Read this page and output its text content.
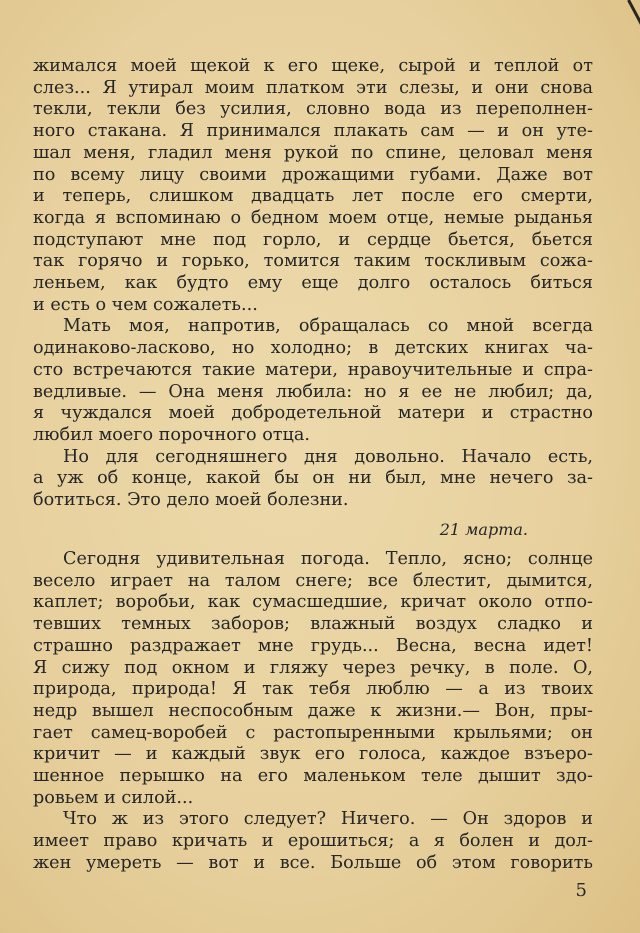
жимался моей щекой к его щеке, сырой и теплой от
слез... Я утирал моим платком эти слезы, и они снова
текли, текли без усилия, словно вода из переполнен-
ного стакана. Я принимался плакать сам — и он уте-
шал меня, гладил меня рукой по спине, целовал меня
по всему лицу своими дрожащими губами. Даже вот
и теперь, слишком двадцать лет после его смерти,
когда я вспоминаю о бедном моем отце, немые рыданья
подступают мне под горло, и сердце бьется, бьется
так горячо и горько, томится таким тоскливым сожа-
леньем, как будто ему еще долго осталось биться
и есть о чем сожалеть...
Мать моя, напротив, обращалась со мной всегда
одинаково-ласково, но холодно; в детских книгах ча-
сто встречаются такие матери, нравоучительные и спра-
ведливые. — Она меня любила: но я ее не любил; да,
я чуждался моей добродетельной матери и страстно
любил моего порочного отца.
Но для сегодняшнего дня довольно. Начало есть,
а уж об конце, какой бы он ни был, мне нечего за-
ботиться. Это дело моей болезни.
21 марта.
Сегодня удивительная погода. Тепло, ясно; солнце
весело играет на талом снеге; все блестит, дымится,
каплет; воробьи, как сумасшедшие, кричат около отпо-
тевших темных заборов; влажный воздух сладко и
страшно раздражает мне грудь... Весна, весна идет!
Я сижу под окном и гляжу через речку, в поле. О,
природа, природа! Я так тебя люблю — а из твоих
недр вышел неспособным даже к жизни.— Вон, пры-
гает самец-воробей с растопыренными крыльями; он
кричит — и каждый звук его голоса, каждое взъеро-
шенное перышко на его маленьком теле дышит здо-
ровьем и силой...
Что ж из этого следует? Ничего. — Он здоров и
имеет право кричать и ерошиться; а я болен и дол-
жен умереть — вот и все. Больше об этом говорить
5
